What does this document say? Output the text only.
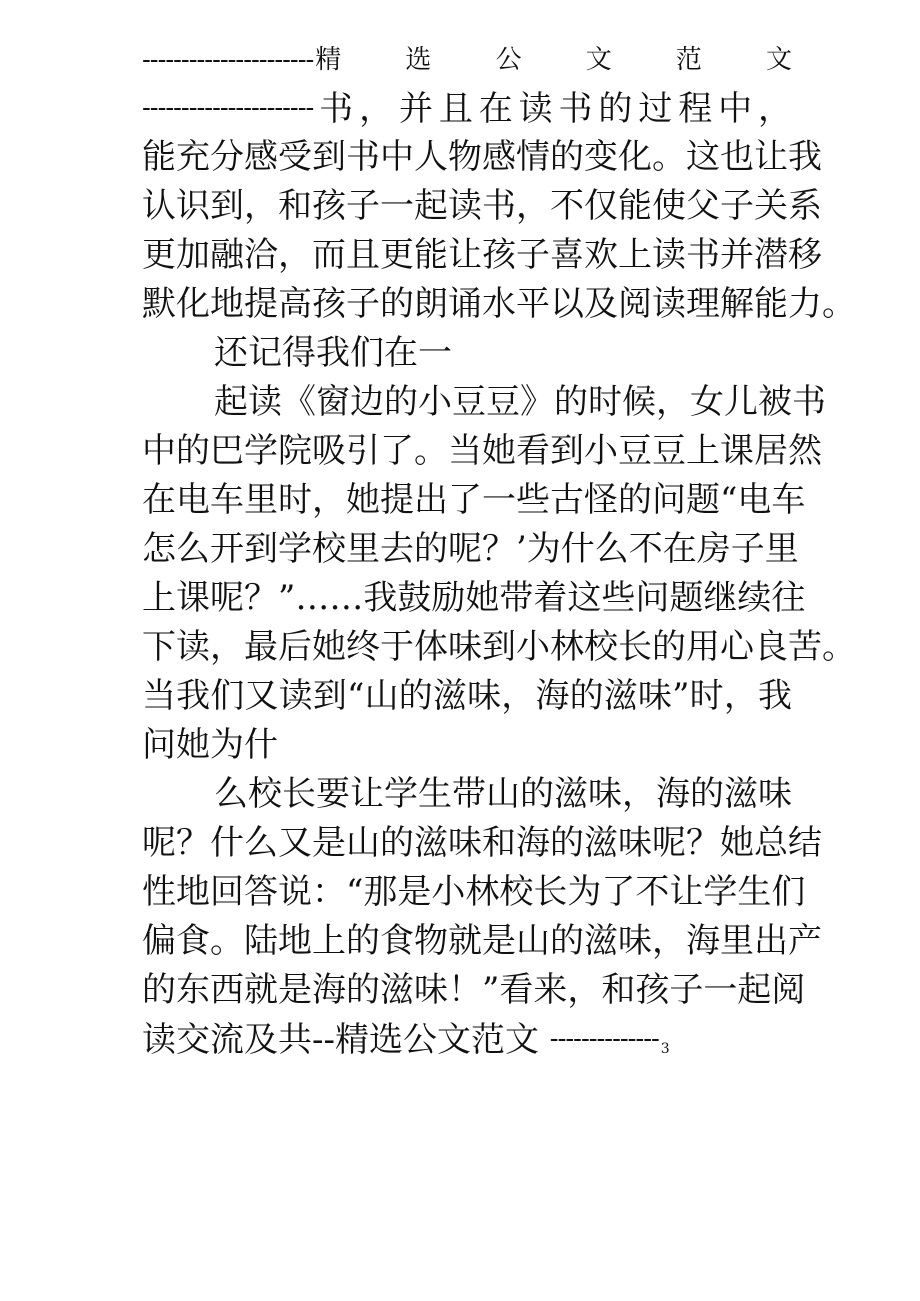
---------------------- 精 选 公 文 范 文
----------------------书，并且在读书的过程中，
能充分感受到书中人物感情的变化。这也让我
认识到，和孩子一起读书，不仅能使父子关系
更加融洽，而且更能让孩子喜欢上读书并潜移
默化地提高孩子的朗诵水平以及阅读理解能力。
还记得我们在一
起读《窗边的小豆豆》的时候，女儿被书
中的巴学院吸引了。当她看到小豆豆上课居然
在电车里时，她提出了一些古怪的问题“电车
怎么开到学校里去的呢？’为什么不在房子里
上课呢？”……我鼓励她带着这些问题继续往
下读，最后她终于体味到小林校长的用心良苦。
当我们又读到“山的滋味，海的滋味”时，我
问她为什
么校长要让学生带山的滋味，海的滋味
呢？什么又是山的滋味和海的滋味呢？她总结
性地回答说：“那是小林校长为了不让学生们
偏食。陆地上的食物就是山的滋味，海里出产
的东西就是海的滋味！”看来，和孩子一起阅
读交流及共--精选公文范文 -------------- 3
